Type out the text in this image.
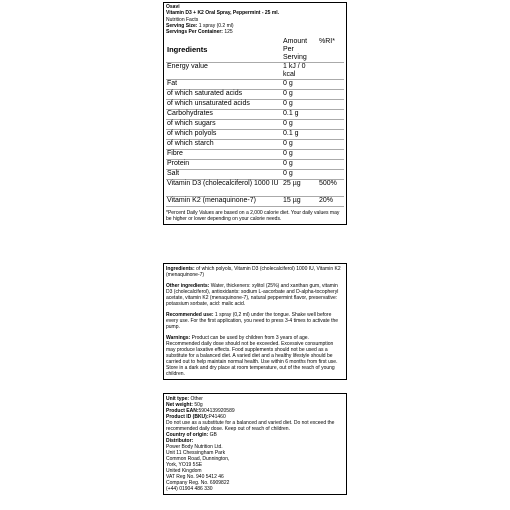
Osavi
Vitamin D3 + K2 Oral Spray, Peppermint - 25 ml.
Nutrition Facts
Serving Size: 1 spray (0.2 ml)
Servings Per Container: 125
Ingredients	Amount Per Serving	%RI*
Energy value	1 kJ / 0 kcal	
Fat	0 g	
of which saturated acids	0 g	
of which unsaturated acids	0 g	
Carbohydrates	0.1 g	
of which sugars	0 g	
of which polyols	0.1 g	
of which starch	0 g	
Fibre	0 g	
Protein	0 g	
Salt	0 g	
Vitamin D3 (cholecalciferol) 1000 IU	25 µg	500%
Vitamin K2 (menaquinone-7)	15 µg	20%
*Percent Daily Values are based on a 2,000 calorie diet. Your daily values may be higher or lower depending on your calorie needs.

Ingredients: of which polyols, Vitamin D3 (cholecalciferol) 1000 IU, Vitamin K2 (menaquinone-7)

Other ingredients: Water, thickeners: xylitol (25%) and xanthan gum, vitamin D3 (cholecalciferol), antioxidants: sodium L-ascorbate and D-alpha-tocopheryl acetate, vitamin K2 (menaquinone-7), natural peppermint flavor, preservative: potassium sorbate, acid: malic acid.

Recommended use: 1 spray (0,2 ml) under the tongue. Shake well before every use. For the first application, you need to press 3-4 times to activate the pump.

Warnings: Product can be used by children from 3 years of age. Recommended daily dose should not be exceeded. Excessive consumption may produce laxative effects. Food supplements should not be used as a substitute for a balanced diet. A varied diet and a healthy lifestyle should be carried out to help maintain normal health. Use within 6 months from first use. Store in a dark and dry place at room temperature, out of the reach of young children.

Unit type: Other
Net weight: 50g
Product EAN:5904139920589
Product ID (BKU):P41460
Do not use as a substitute for a balanced and varied diet. Do not exceed the recommended daily dose. Keep out of reach of children.
Country of origin: GB
Distributor:
Power Body Nutrition Ltd.
Unit 11 Chessingham Park
Common Road, Dunnington,
York, YO19 5SE
United Kingdom
VAT Reg No. 940 5412 46
Company Reg. No. 6909822
(+44) 01904 486 330
